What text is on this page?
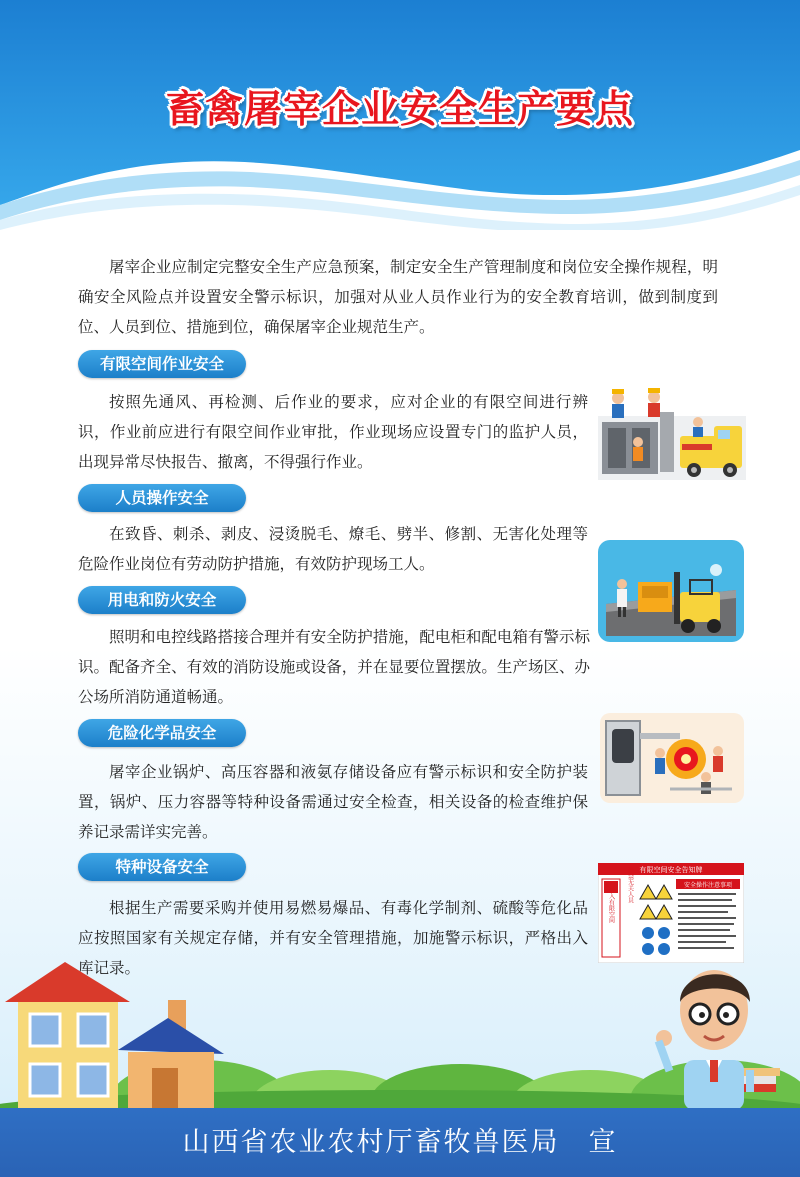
畜禽屠宰企业安全生产要点

屠宰企业应制定完整安全生产应急预案，制定安全生产管理制度和岗位安全操作规程，明确安全风险点并设置安全警示标识，加强对从业人员作业行为的安全教育培训，做到制度到位、人员到位、措施到位，确保屠宰企业规范生产。

有限空间作业安全

按照先通风、再检测、后作业的要求，应对企业的有限空间进行辨识，作业前应进行有限空间作业审批，作业现场应设置专门的监护人员，出现异常尽快报告、撤离，不得强行作业。

人员操作安全

在致昏、刺杀、剥皮、浸烫脱毛、燎毛、劈半、修割、无害化处理等危险作业岗位有劳动防护措施，有效防护现场工人。

用电和防火安全

照明和电控线路搭接合理并有安全防护措施，配电柜和配电箱有警示标识。配备齐全、有效的消防设施或设备，并在显要位置摆放。生产场区、办公场所消防通道畅通。

危险化学品安全

屠宰企业锅炉、高压容器和液氨存储设备应有警示标识和安全防护装置，锅炉、压力容器等特种设备需通过安全检查，相关设备的检查维护保养记录需详实完善。

特种设备安全

根据生产需要采购并使用易燃易爆品、有毒化学制剂、硫酸等危化品应按照国家有关规定存储，并有安全管理措施，加施警示标识，严格出入库记录。

有限空间安全告知牌
进入有限空间
严禁无关人员	安全操作注意事项
山西省农业农村厅畜牧兽医局　宣
